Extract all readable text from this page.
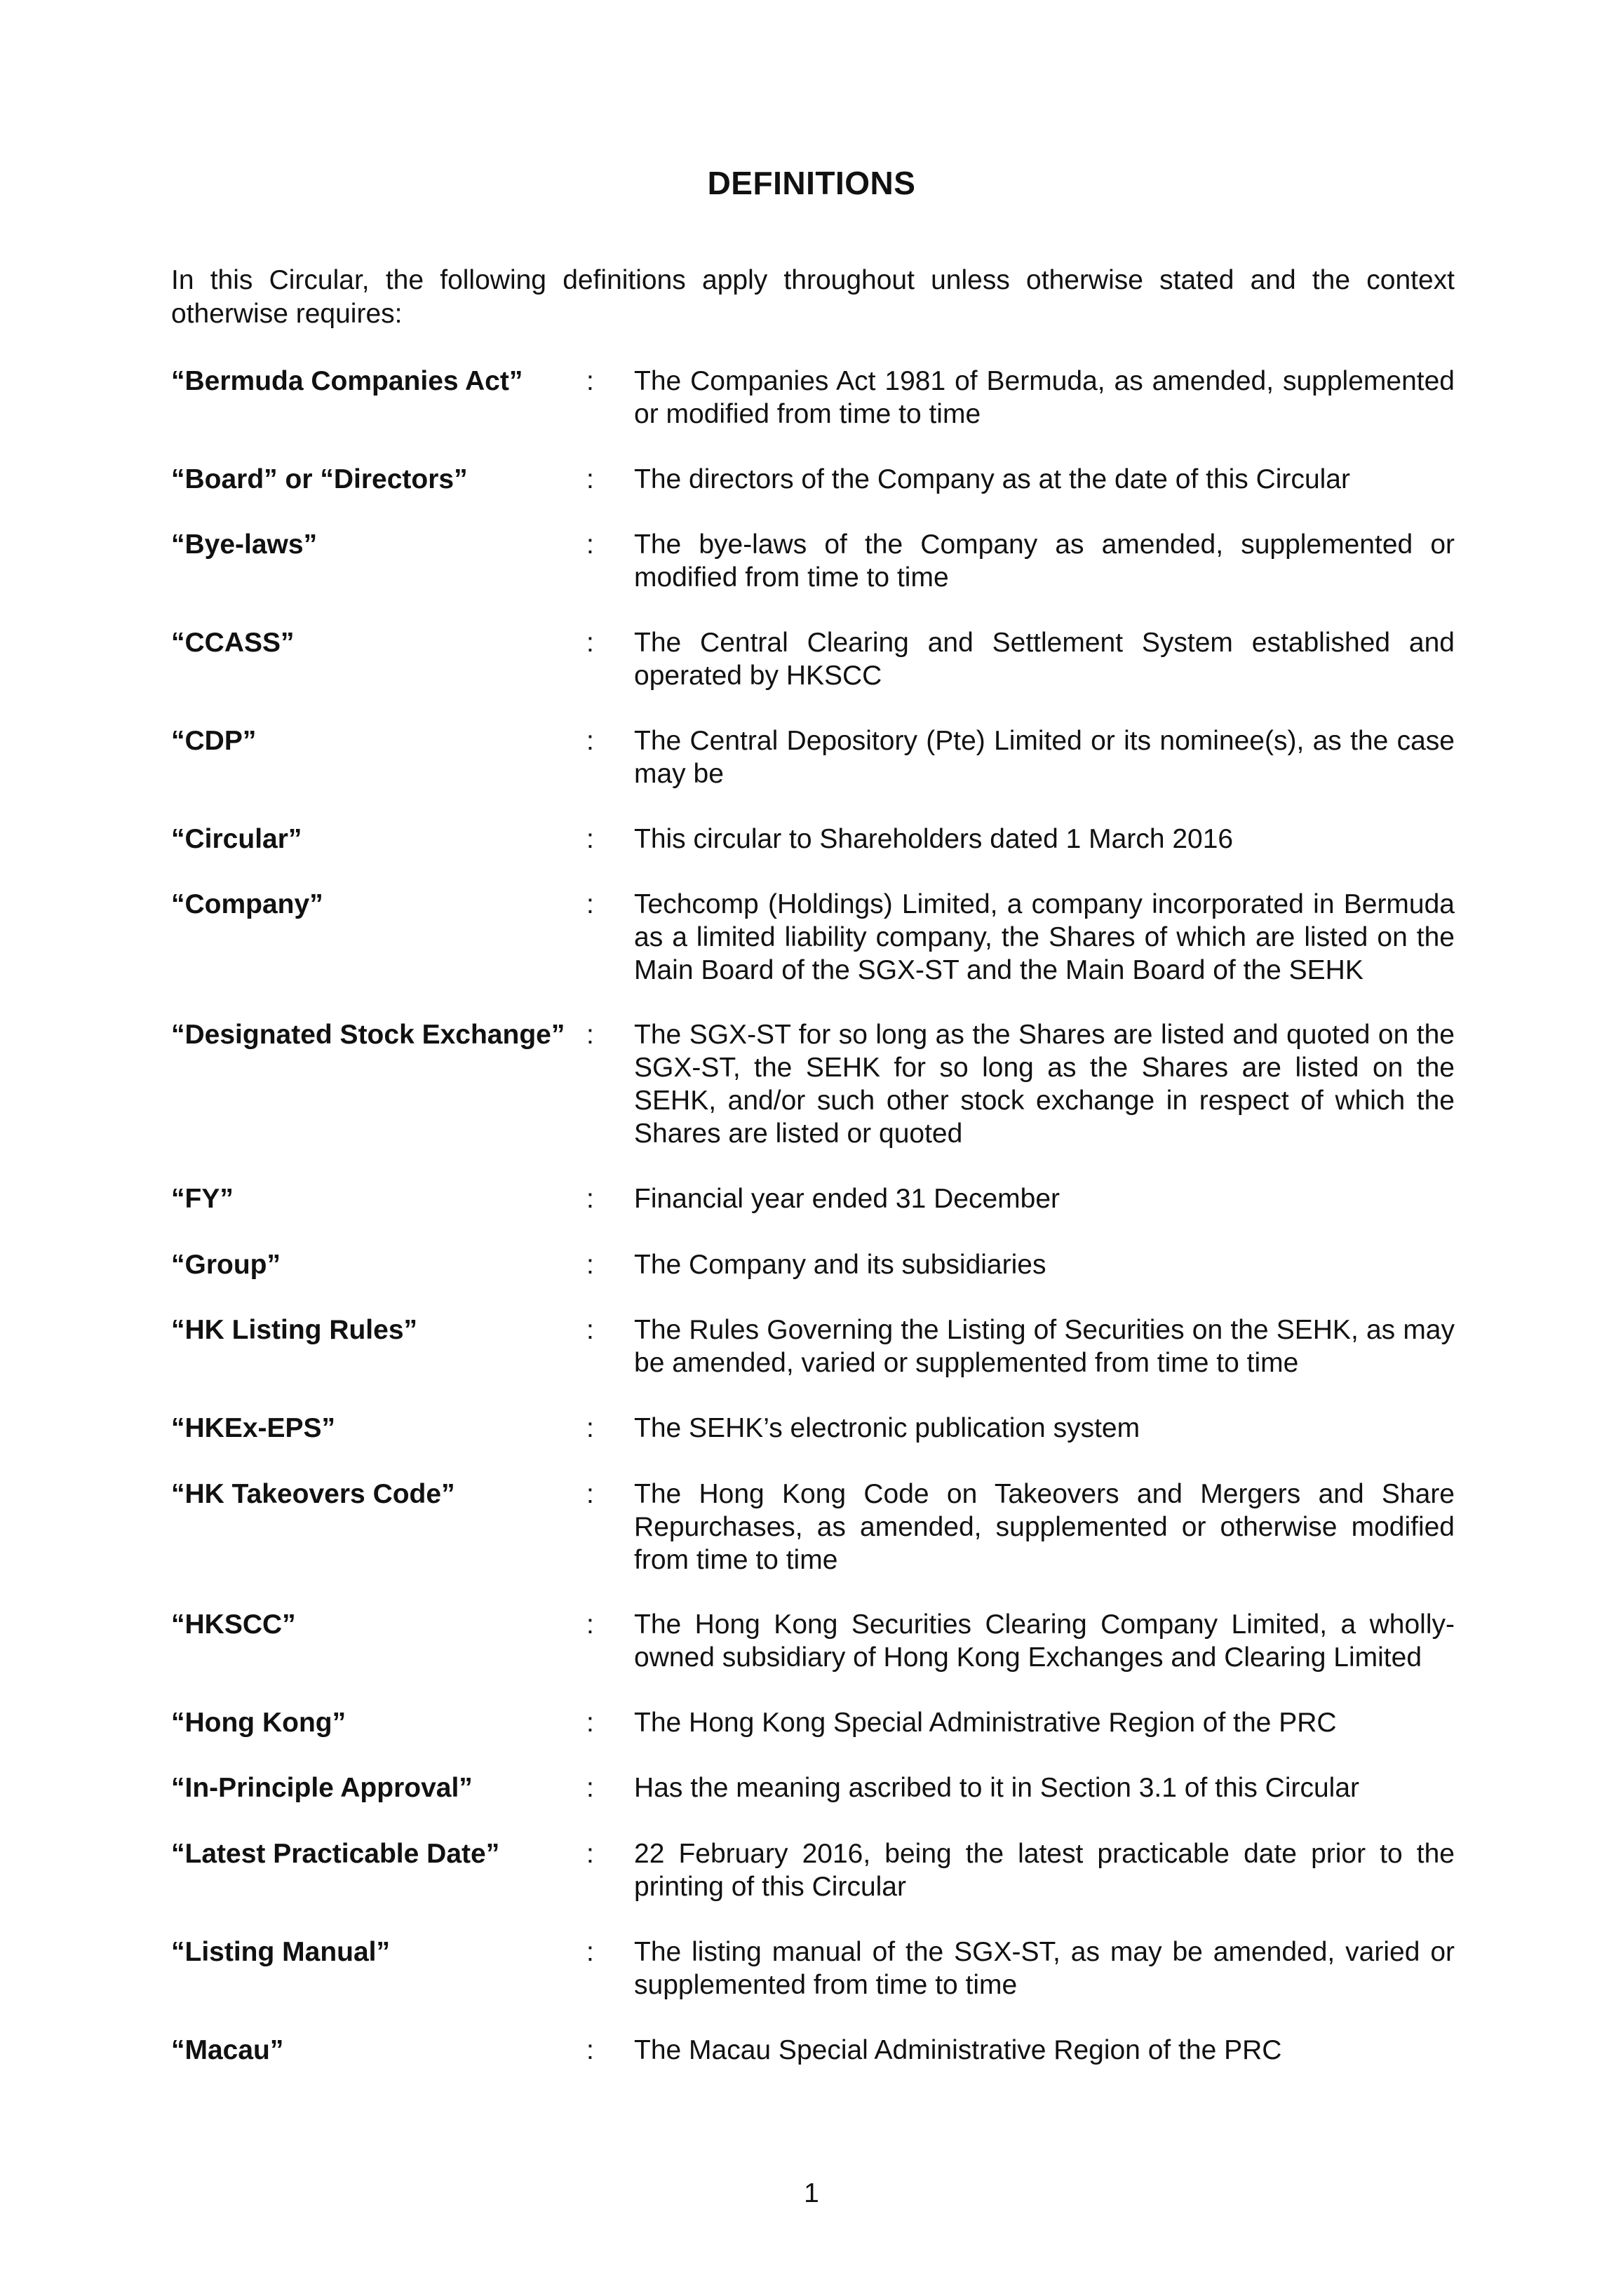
DEFINITIONS
In this Circular, the following definitions apply throughout unless otherwise stated and the context otherwise requires:
“Bermuda Companies Act” : The Companies Act 1981 of Bermuda, as amended, supplemented or modified from time to time
“Board” or “Directors”	: The directors of the Company as at the date of this Circular
“Bye-laws”	: The bye-laws of the Company as amended, supplemented or modified from time to time
“CCASS”	: The Central Clearing and Settlement System established and operated by HKSCC
“CDP”	: The Central Depository (Pte) Limited or its nominee(s), as the case may be
“Circular”	: This circular to Shareholders dated 1 March 2016
“Company”	: Techcomp (Holdings) Limited, a company incorporated in Bermuda as a limited liability company, the Shares of which are listed on the Main Board of the SGX-ST and the Main Board of the SEHK
“Designated Stock Exchange” : The SGX-ST for so long as the Shares are listed and quoted on the SGX-ST, the SEHK for so long as the Shares are listed on the SEHK, and/or such other stock exchange in respect of which the Shares are listed or quoted
“FY”	: Financial year ended 31 December
“Group”	: The Company and its subsidiaries
“HK Listing Rules”	: The Rules Governing the Listing of Securities on the SEHK, as may be amended, varied or supplemented from time to time
“HKEx-EPS”	: The SEHK’s electronic publication system
“HK Takeovers Code”	: The Hong Kong Code on Takeovers and Mergers and Share Repurchases, as amended, supplemented or otherwise modified from time to time
“HKSCC”	: The Hong Kong Securities Clearing Company Limited, a wholly-owned subsidiary of Hong Kong Exchanges and Clearing Limited
“Hong Kong”	: The Hong Kong Special Administrative Region of the PRC
“In-Principle Approval”	: Has the meaning ascribed to it in Section 3.1 of this Circular
“Latest Practicable Date”	: 22 February 2016, being the latest practicable date prior to the printing of this Circular
“Listing Manual”	: The listing manual of the SGX-ST, as may be amended, varied or supplemented from time to time
“Macau”	: The Macau Special Administrative Region of the PRC
1
